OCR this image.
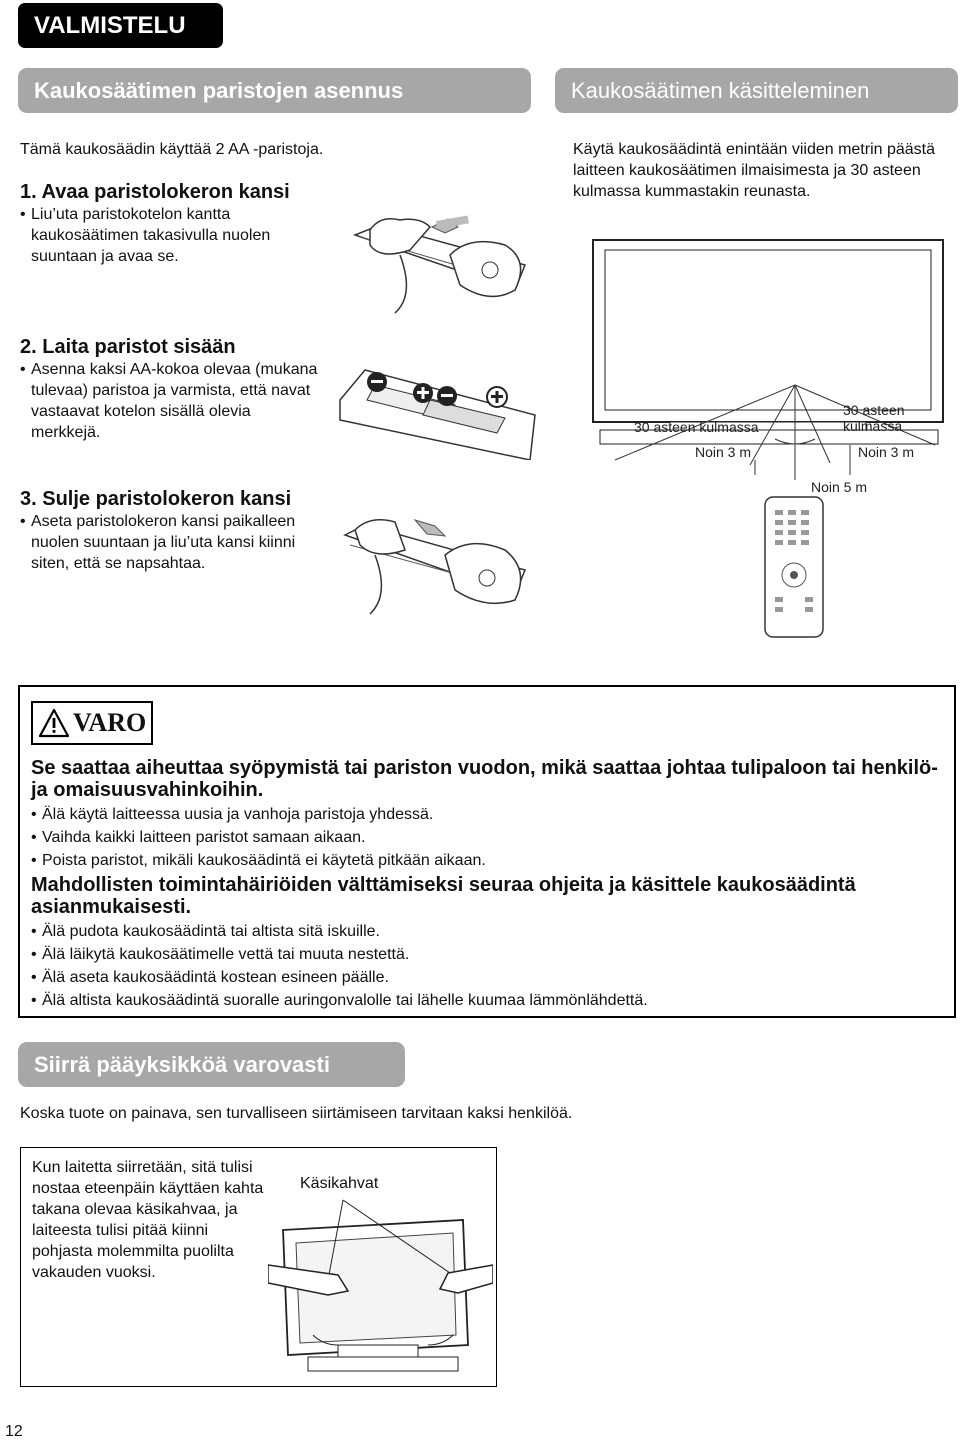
VALMISTELU
Kaukosäätimen paristojen asennus	Kaukosäätimen käsitteleminen
Tämä kaukosäädin käyttää 2 AA -paristoja.
1. Avaa paristolokeron kansi
• Liu’uta paristokotelon kantta kaukosäätimen takasivulla nuolen suuntaan ja avaa se.
2. Laita paristot sisään
• Asenna kaksi AA-kokoa olevaa (mukana tulevaa) paristoa ja varmista, että navat vastaavat kotelon sisällä olevia merkkejä.
3. Sulje paristolokeron kansi
• Aseta paristolokeron kansi paikalleen nuolen suuntaan ja liu’uta kansi kiinni siten, että se napsahtaa.
Käytä kaukosäädintä enintään viiden metrin päästä laitteen kaukosäätimen ilmaisimesta ja 30 asteen kulmassa kummastakin reunasta.
30 asteen kulmassa
30 asteen
kulmassa
Noin 3 m	Noin 3 m
Noin 5 m
VARO
Se saattaa aiheuttaa syöpymistä tai pariston vuodon, mikä saattaa johtaa tulipaloon tai henkilö- ja omaisuusvahinkoihin.
• Älä käytä laitteessa uusia ja vanhoja paristoja yhdessä.
• Vaihda kaikki laitteen paristot samaan aikaan.
• Poista paristot, mikäli kaukosäädintä ei käytetä pitkään aikaan.
Mahdollisten toimintahäiriöiden välttämiseksi seuraa ohjeita ja käsittele kaukosäädintä asianmukaisesti.
• Älä pudota kaukosäädintä tai altista sitä iskuille.
• Älä läikytä kaukosäätimelle vettä tai muuta nestettä.
• Älä aseta kaukosäädintä kostean esineen päälle.
• Älä altista kaukosäädintä suoralle auringonvalolle tai lähelle kuumaa lämmönlähdettä.
Siirrä pääyksikköä varovasti
Koska tuote on painava, sen turvalliseen siirtämiseen tarvitaan kaksi henkilöä.
Kun laitetta siirretään, sitä tulisi nostaa eteenpäin käyttäen kahta takana olevaa käsikahvaa, ja laiteesta tulisi pitää kiinni pohjasta molemmilta puolilta vakauden vuoksi.
Käsikahvat
12
